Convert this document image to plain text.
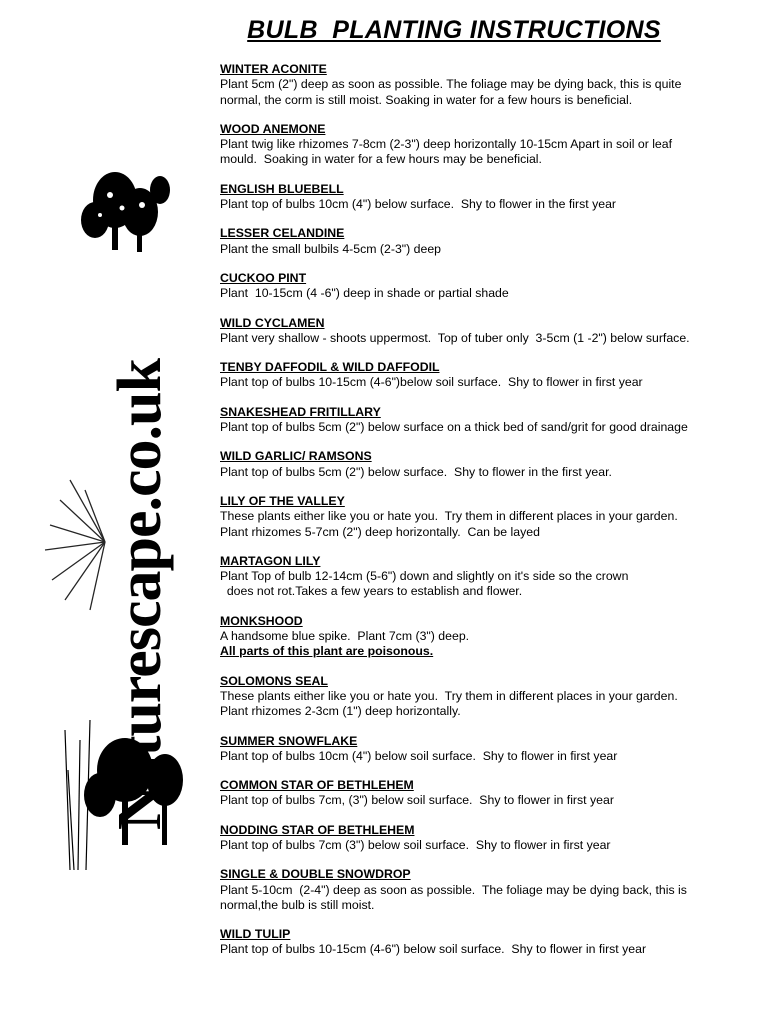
BULB  PLANTING INSTRUCTIONS
Naturescape.co.uk
WINTER ACONITE
Plant 5cm (2") deep as soon as possible. The foliage may be dying back, this is quite
normal, the corm is still moist. Soaking in water for a few hours is beneficial.
WOOD ANEMONE
Plant twig like rhizomes 7-8cm (2-3") deep horizontally 10-15cm Apart in soil or leaf
mould.  Soaking in water for a few hours may be beneficial.
ENGLISH BLUEBELL
Plant top of bulbs 10cm (4") below surface.  Shy to flower in the first year
LESSER CELANDINE
Plant the small bulbils 4-5cm (2-3") deep
CUCKOO PINT
Plant  10-15cm (4 -6") deep in shade or partial shade
WILD CYCLAMEN
Plant very shallow - shoots uppermost.  Top of tuber only  3-5cm (1 -2") below surface.
TENBY DAFFODIL & WILD DAFFODIL
Plant top of bulbs 10-15cm (4-6")below soil surface.  Shy to flower in first year
SNAKESHEAD FRITILLARY
Plant top of bulbs 5cm (2") below surface on a thick bed of sand/grit for good drainage
WILD GARLIC/ RAMSONS
Plant top of bulbs 5cm (2") below surface.  Shy to flower in the first year.
LILY OF THE VALLEY
These plants either like you or hate you.  Try them in different places in your garden.
Plant rhizomes 5-7cm (2") deep horizontally.  Can be layed
MARTAGON LILY
Plant Top of bulb 12-14cm (5-6") down and slightly on it's side so the crown
does not rot.Takes a few years to establish and flower.
MONKSHOOD
A handsome blue spike.  Plant 7cm (3") deep.
All parts of this plant are poisonous.
SOLOMONS SEAL
These plants either like you or hate you.  Try them in different places in your garden.
Plant rhizomes 2-3cm (1") deep horizontally.
SUMMER SNOWFLAKE
Plant top of bulbs 10cm (4") below soil surface.  Shy to flower in first year
COMMON STAR OF BETHLEHEM
Plant top of bulbs 7cm, (3") below soil surface.  Shy to flower in first year
NODDING STAR OF BETHLEHEM
Plant top of bulbs 7cm (3") below soil surface.  Shy to flower in first year
SINGLE & DOUBLE SNOWDROP
Plant 5-10cm  (2-4") deep as soon as possible.  The foliage may be dying back, this is
normal,the bulb is still moist.
WILD TULIP
Plant top of bulbs 10-15cm (4-6") below soil surface.  Shy to flower in first year
